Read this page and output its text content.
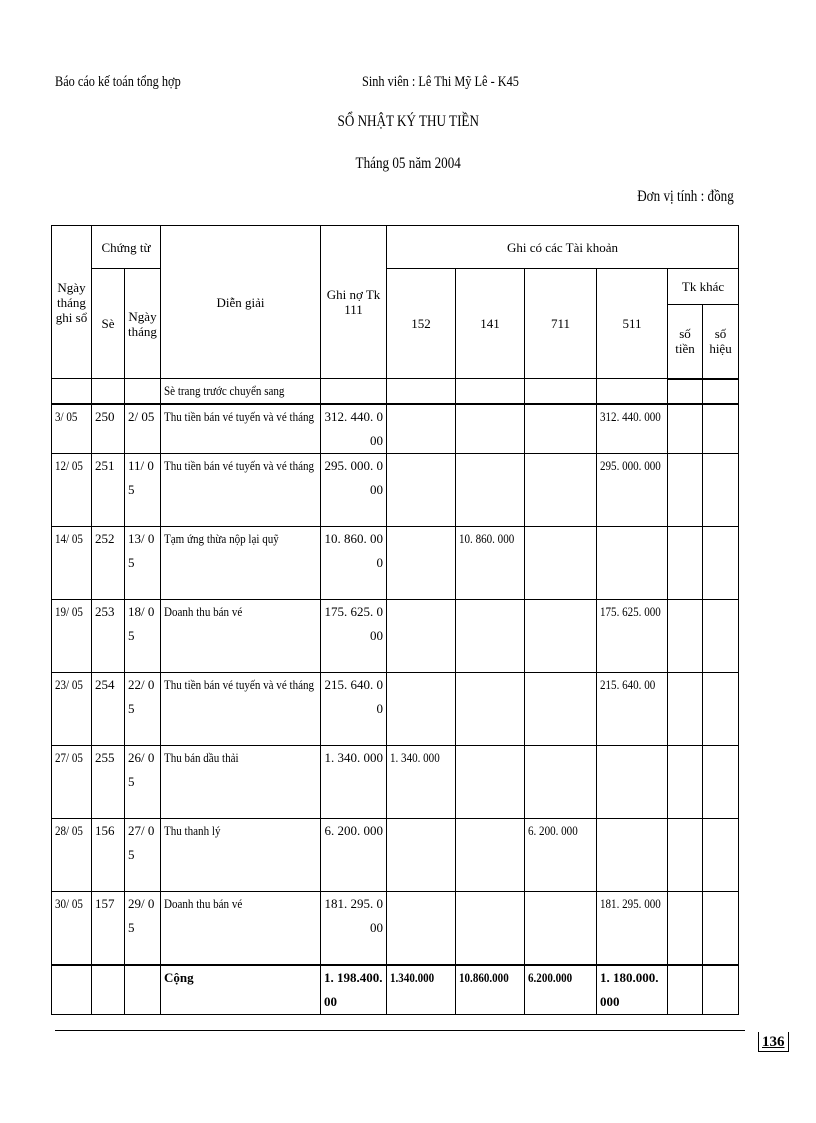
Báo cáo kế toán tổng hợp	Sinh viên : Lê Thi Mỹ Lê - K45
SỔ NHẬT KÝ THU TIỀN
Tháng 05 năm 2004
Đơn vị tính : đồng
Ngày tháng ghi sổ	Chứng từ		Diễn giải	Ghi nợ Tk 111	Ghi có các Tài khoản					
	Sè	Ngày tháng			152	141	711	511	Tk khác	
									số tiền	số hiệu
			Sè trang trước chuyển sang							
3/ 05	250	2/ 05	Thu tiền bán vé tuyến và vé tháng	312. 440. 000				312. 440. 000		
12/ 05	251	11/ 05	Thu tiền bán vé tuyến và vé tháng	295. 000. 000				295. 000. 000		
14/ 05	252	13/ 05	Tạm ứng thừa nộp lại quỹ	10. 860. 000		10. 860. 000				
19/ 05	253	18/ 05	Doanh thu bán vé	175. 625. 000				175. 625. 000		
23/ 05	254	22/ 05	Thu tiền bán vé tuyến và vé tháng	215. 640. 00				215. 640. 00		
27/ 05	255	26/ 05	Thu bán dầu thải	1. 340. 000	1. 340. 000					
28/ 05	156	27/ 05	Thu thanh lý	6. 200. 000			6. 200. 000			
30/ 05	157	29/ 05	Doanh thu bán vé	181. 295. 000				181. 295. 000		
			Cộng	1. 198.400. 00	1.340.000	10.860.000	6.200.000	1. 180.000. 000		
136
